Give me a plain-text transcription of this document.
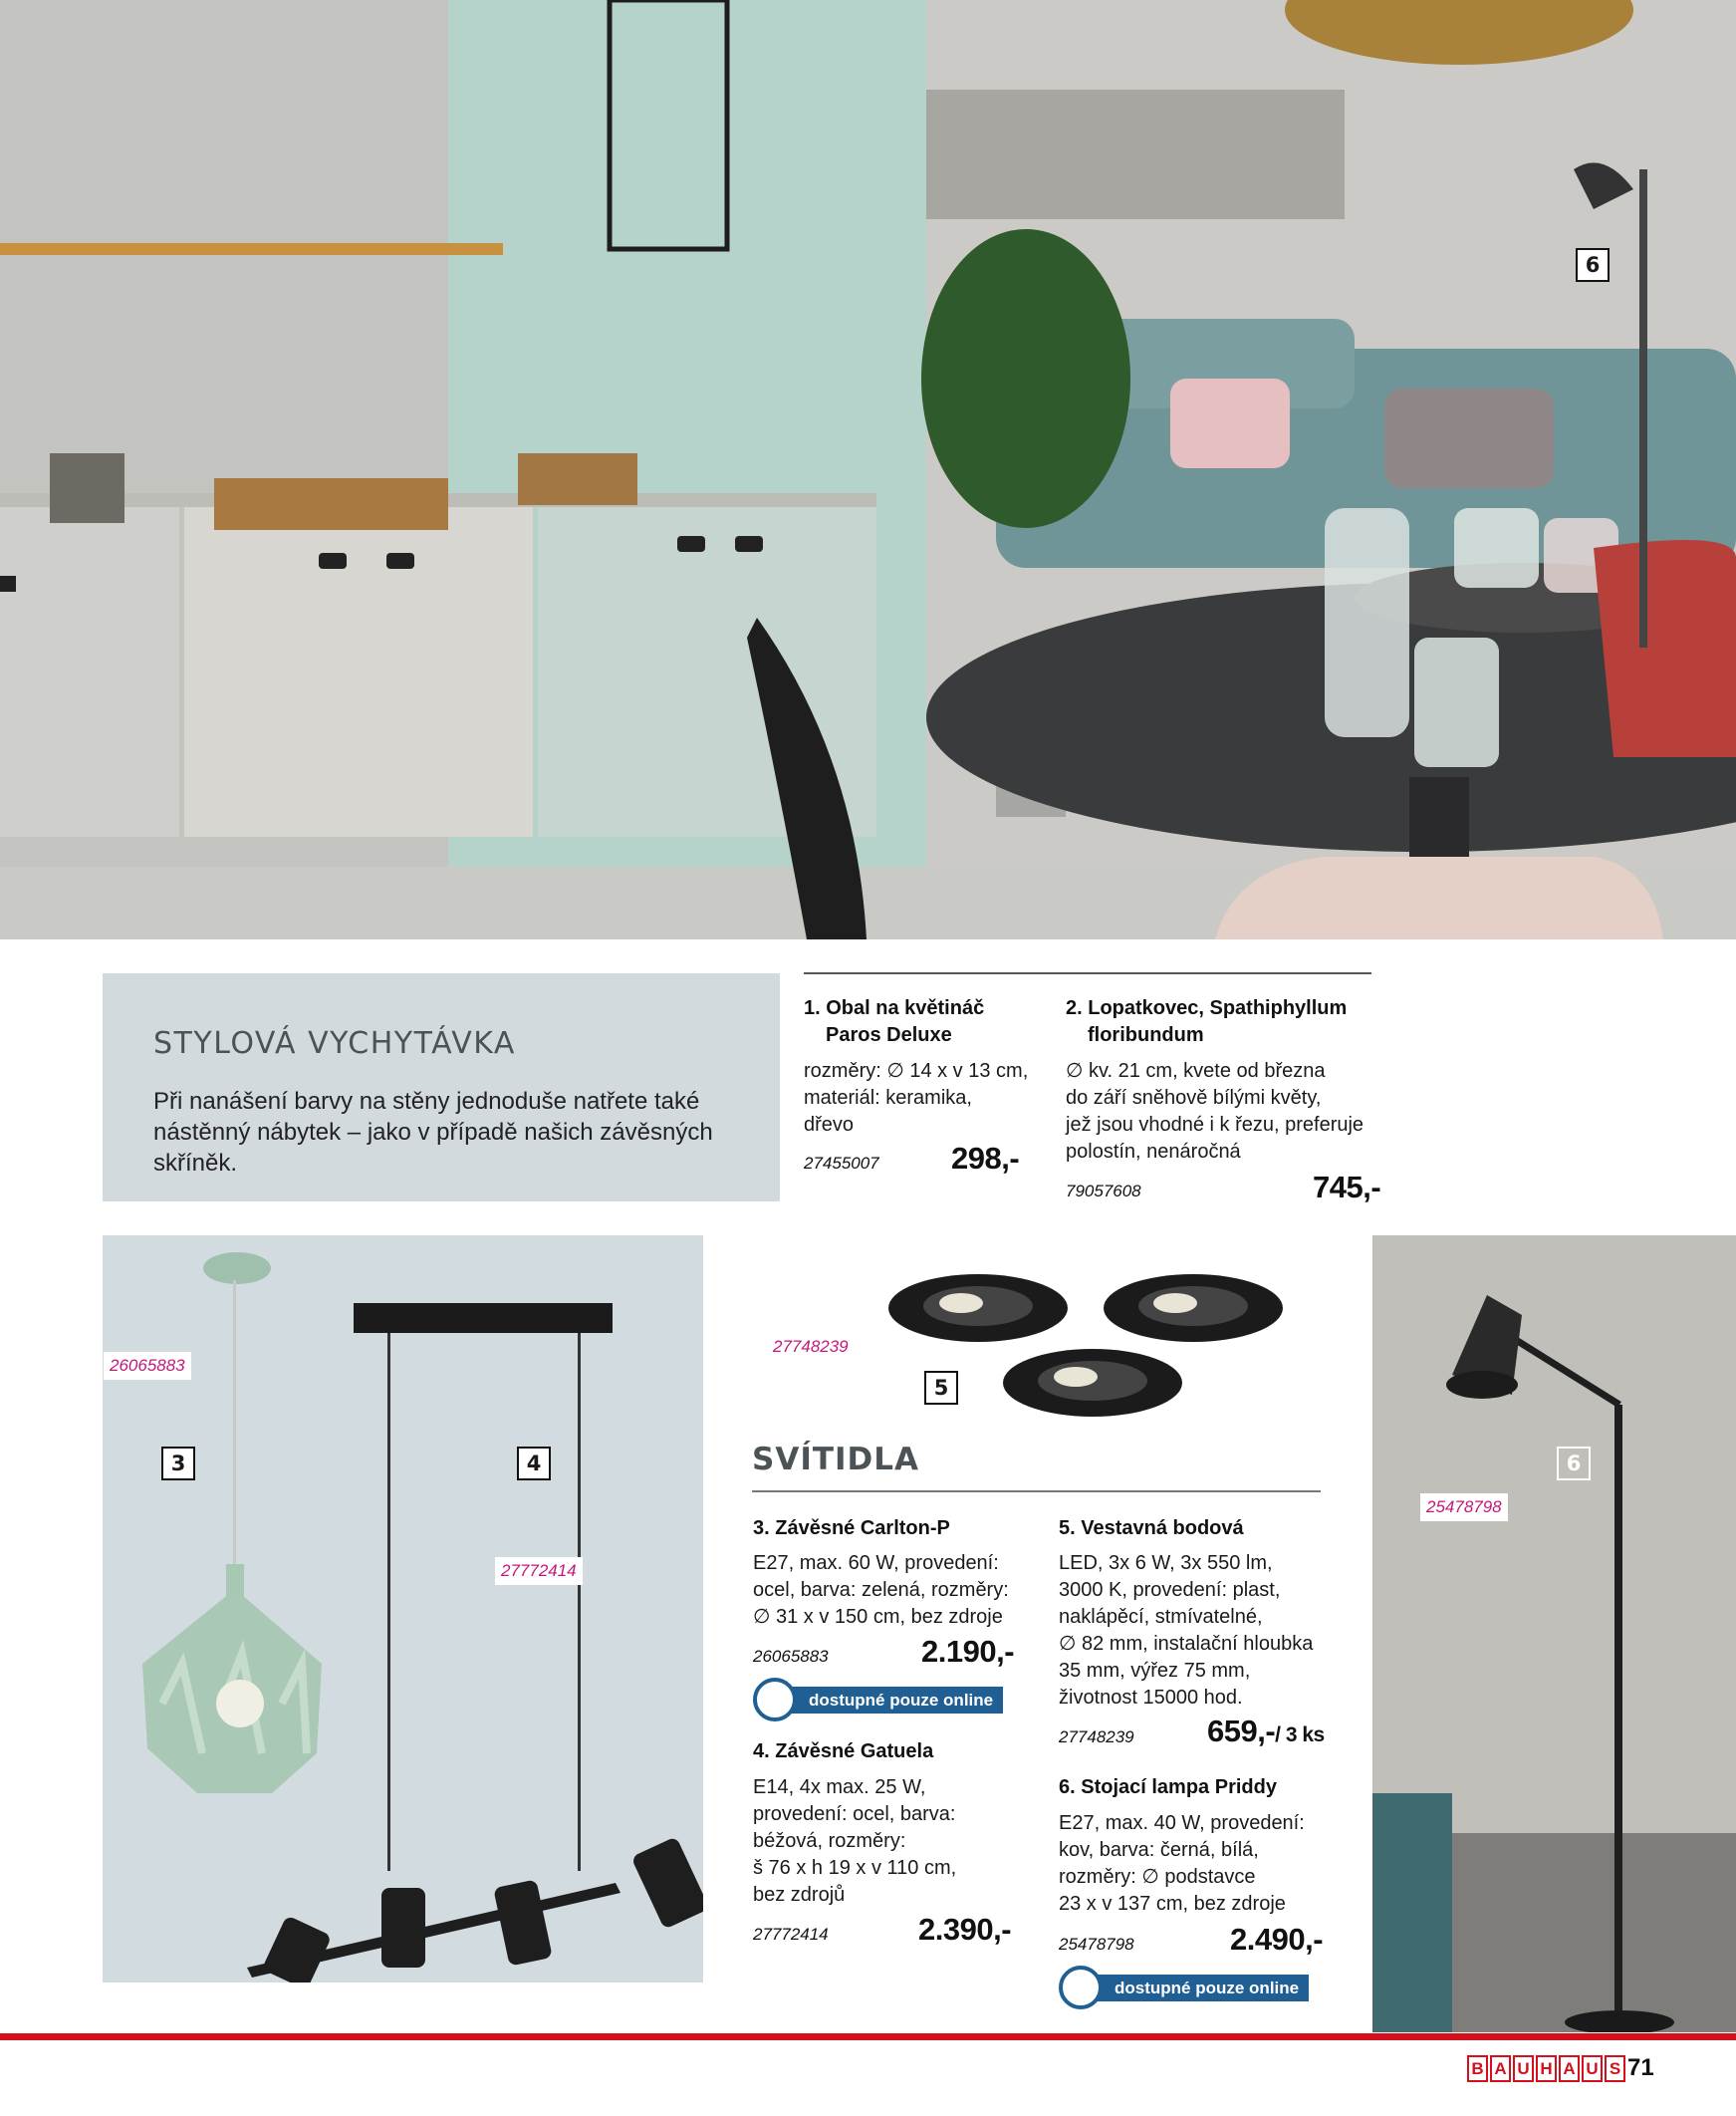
6
STYLOVÁ VYCHYTÁVKA
Při nanášení barvy na stěny jednoduše natřete také nástěnný nábytek – jako v případě našich závěsných skříněk.
1. Obal na květináč
Paros Deluxe
rozměry: ∅ 14 x v 13 cm,
materiál: keramika,
dřevo
27455007 298,-
2. Lopatkovec, Spathiphyllum
floribundum
∅ kv. 21 cm, kvete od března
do září sněhově bílými květy,
jež jsou vhodné i k řezu, preferuje
polostín, nenáročná
79057608	745,-
26065883
3	4
27772414
27748239
5
6
25478798
SVÍTIDLA
3. Závěsné Carlton-P
E27, max. 60 W, provedení:
ocel, barva: zelená, rozměry:
∅ 31 x v 150 cm, bez zdroje
26065883	2.190,-
dostupné pouze online
4. Závěsné Gatuela
E14, 4x max. 25 W,
provedení: ocel, barva:
béžová, rozměry:
š 76 x h 19 x v 110 cm,
bez zdrojů
27772414	2.390,-
5. Vestavná bodová
LED, 3x 6 W, 3x 550 lm,
3000 K, provedení: plast,
naklápěcí, stmívatelné,
∅ 82 mm, instalační hloubka
35 mm, výřez 75 mm,
životnost 15000 hod.
27748239 659,-/ 3 ks
6. Stojací lampa Priddy
E27, max. 40 W, provedení:
kov, barva: černá, bílá,
rozměry: ∅ podstavce
23 x v 137 cm, bez zdroje
25478798	2.490,-
dostupné pouze online
B A U H A U S 71
